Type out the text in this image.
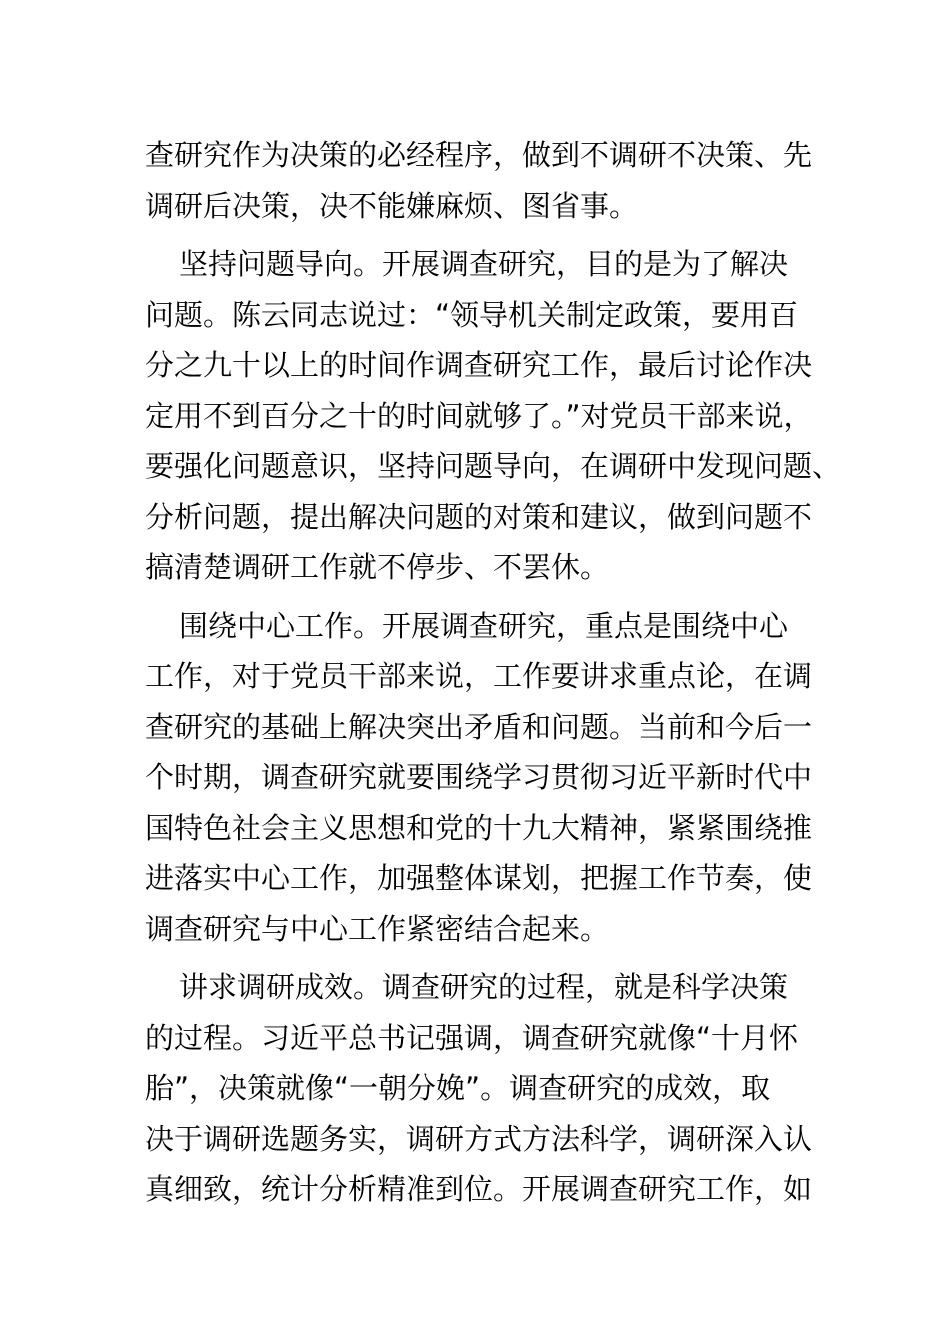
查研究作为决策的必经程序，做到不调研不决策、先
调研后决策，决不能嫌麻烦、图省事。
坚持问题导向。开展调查研究，目的是为了解决
问题。陈云同志说过：“领导机关制定政策，要用百
分之九十以上的时间作调查研究工作，最后讨论作决
定用不到百分之十的时间就够了。”对党员干部来说，
要强化问题意识，坚持问题导向，在调研中发现问题、
分析问题，提出解决问题的对策和建议，做到问题不
搞清楚调研工作就不停步、不罢休。
围绕中心工作。开展调查研究，重点是围绕中心
工作，对于党员干部来说，工作要讲求重点论，在调
查研究的基础上解决突出矛盾和问题。当前和今后一
个时期，调查研究就要围绕学习贯彻习近平新时代中
国特色社会主义思想和党的十九大精神，紧紧围绕推
进落实中心工作，加强整体谋划，把握工作节奏，使
调查研究与中心工作紧密结合起来。
讲求调研成效。调查研究的过程，就是科学决策
的过程。习近平总书记强调，调查研究就像“十月怀
胎”，决策就像“一朝分娩”。调查研究的成效，取
决于调研选题务实，调研方式方法科学，调研深入认
真细致，统计分析精准到位。开展调查研究工作，如
